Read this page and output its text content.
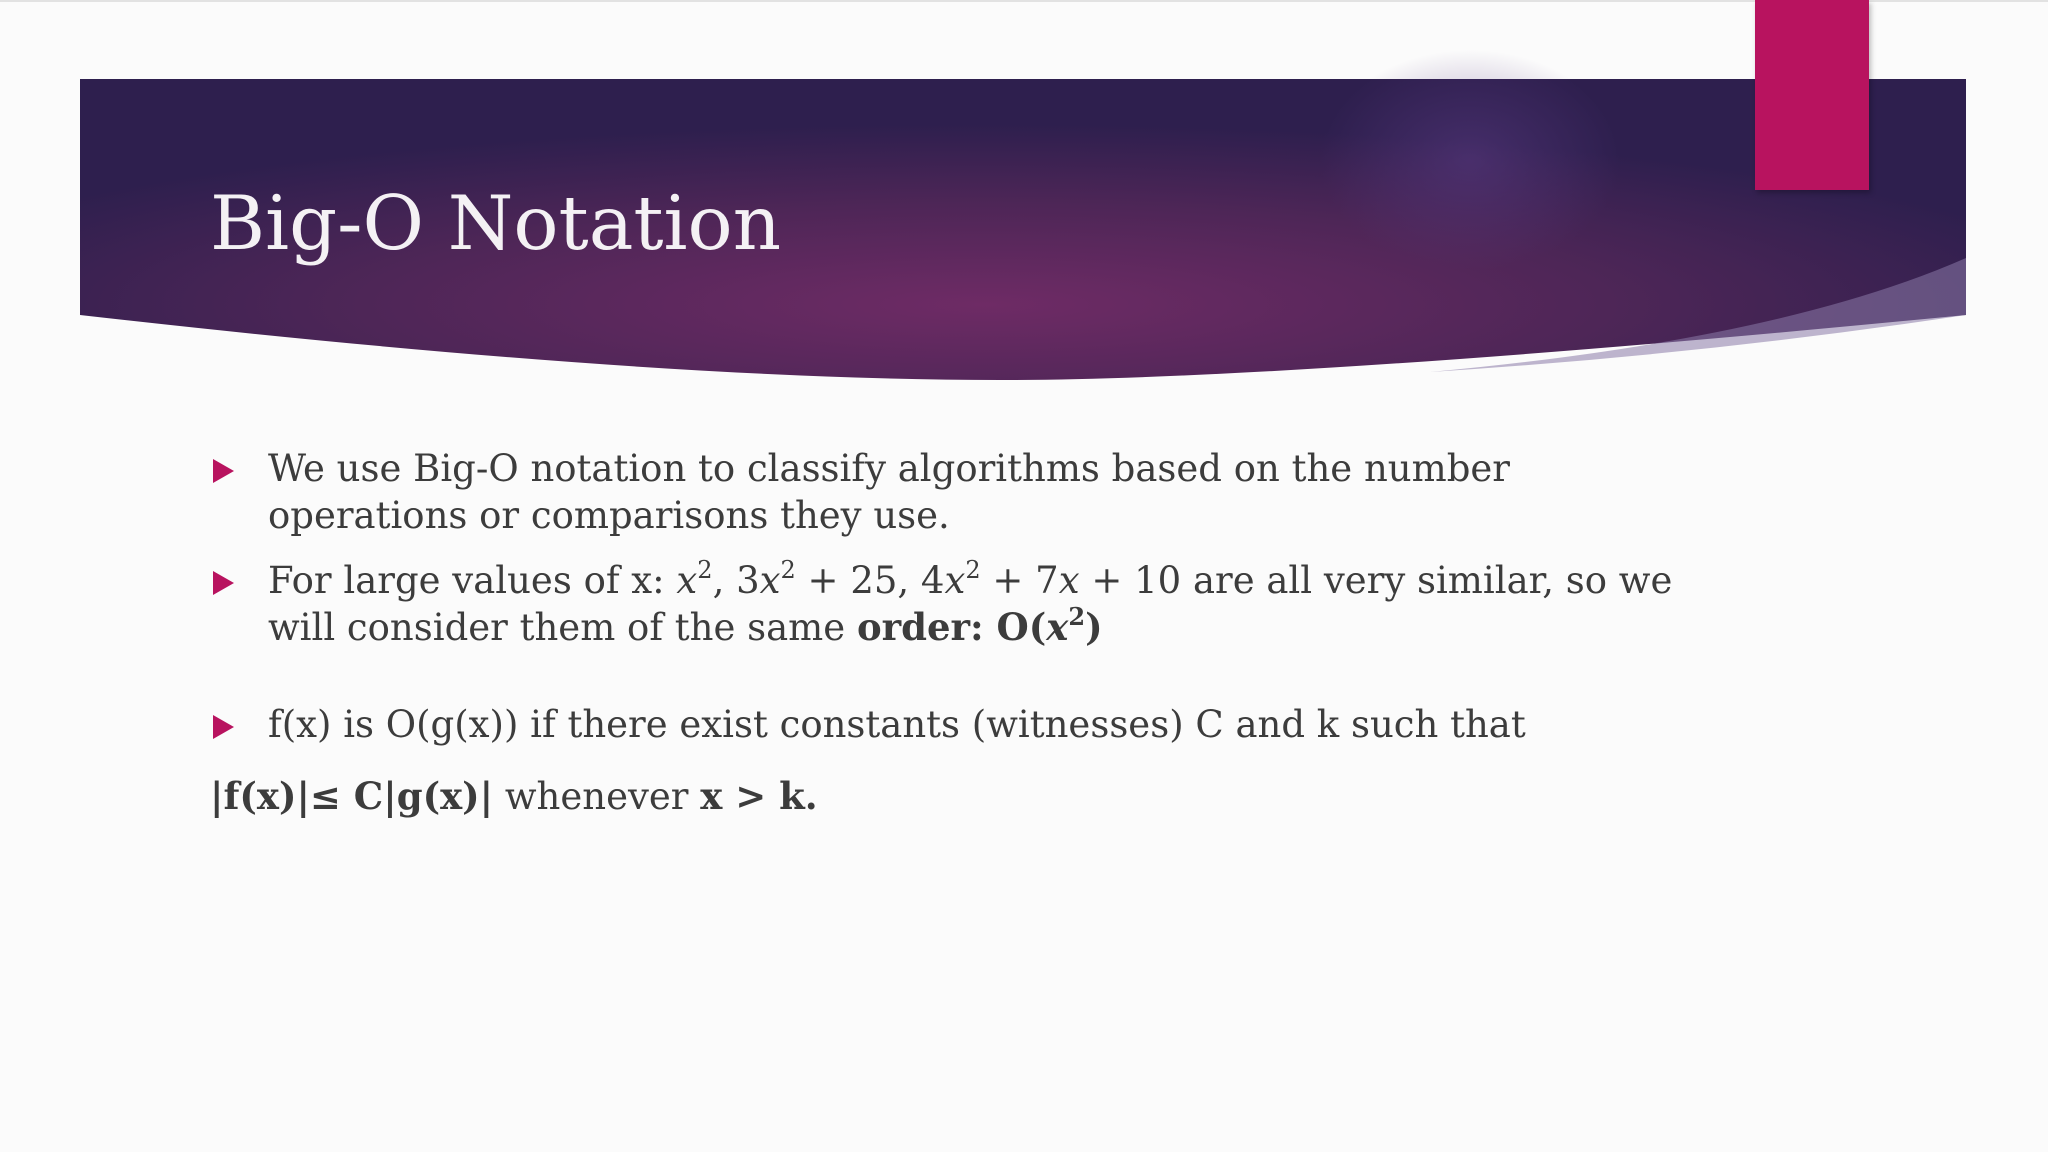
Big-O Notation
We use Big-O notation to classify algorithms based on the number operations or comparisons they use.
For large values of x: $x^2$, $3x^2 + 25$, $4x^2 + 7x + 10$ are all very similar, so we will consider them of the same order: $O(x^2)$
f(x) is O(g(x)) if there exist constants (witnesses) C and k such that

|f(x)|≤ C|g(x)| whenever x > k.
